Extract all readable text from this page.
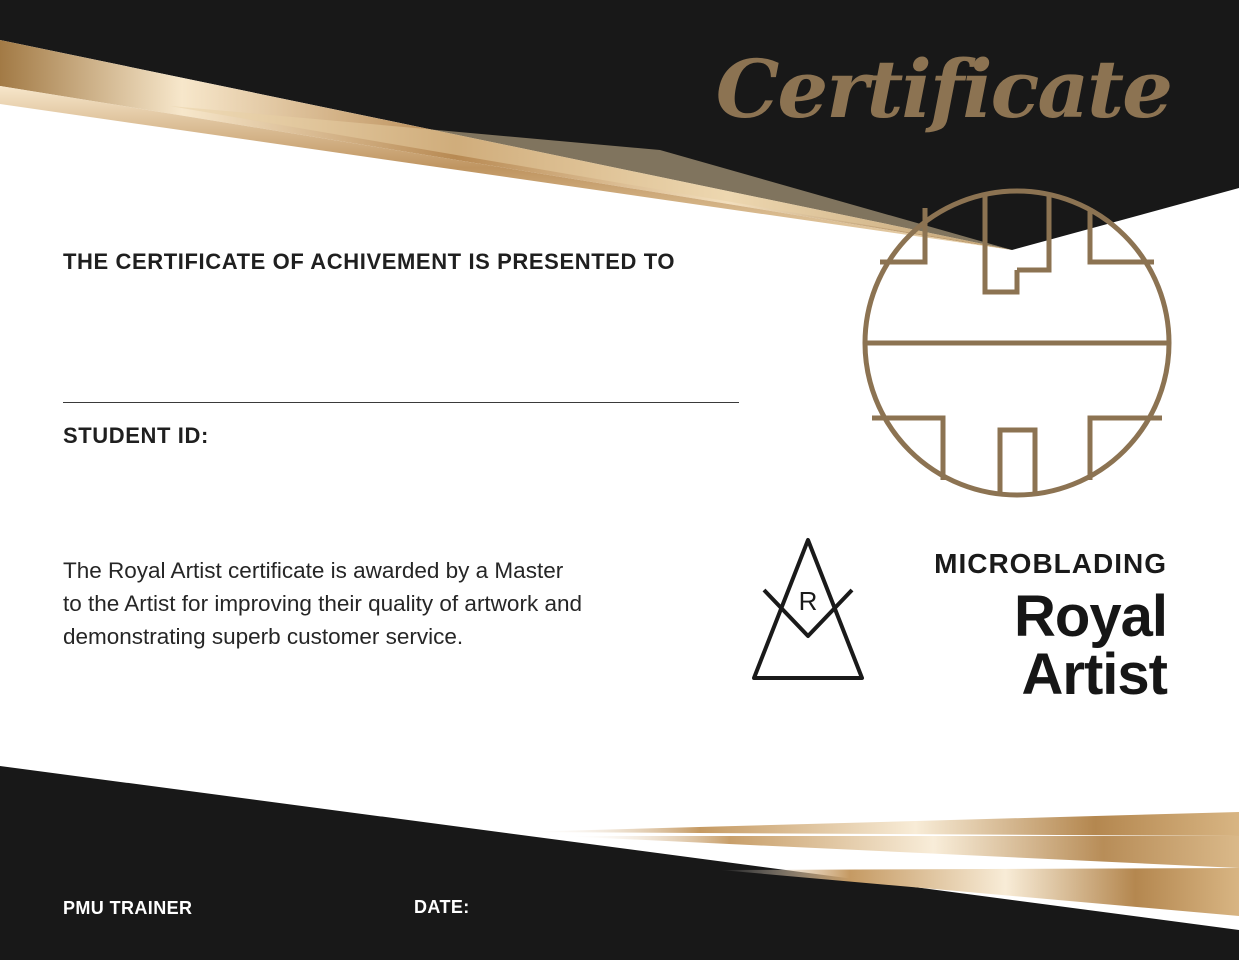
R
Certificate
THE CERTIFICATE OF ACHIVEMENT IS PRESENTED TO
STUDENT ID:
The Royal Artist certificate is awarded by a Master
to the Artist for improving their quality of artwork and
demonstrating superb customer service.
MICROBLADING
Royal
Artist
PMU TRAINER	DATE:
